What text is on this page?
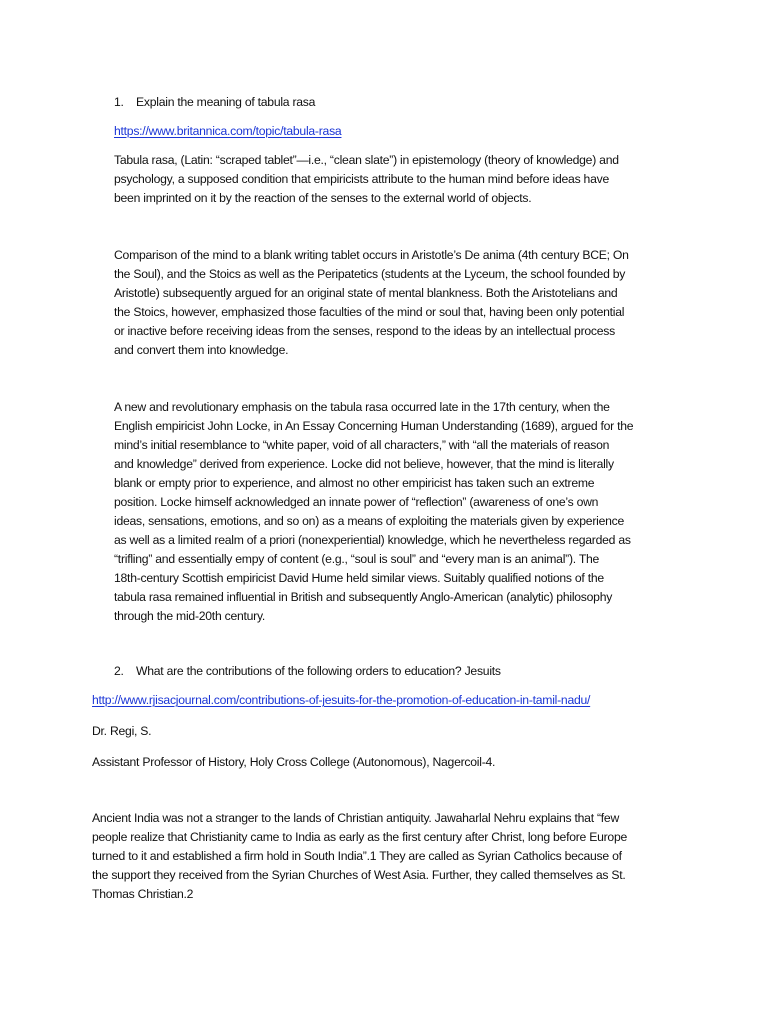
1. Explain the meaning of tabula rasa
https://www.britannica.com/topic/tabula-rasa
Tabula rasa, (Latin: “scraped tablet”—i.e., “clean slate”) in epistemology (theory of knowledge) and
psychology, a supposed condition that empiricists attribute to the human mind before ideas have
been imprinted on it by the reaction of the senses to the external world of objects.
Comparison of the mind to a blank writing tablet occurs in Aristotle’s De anima (4th century BCE; On
the Soul), and the Stoics as well as the Peripatetics (students at the Lyceum, the school founded by
Aristotle) subsequently argued for an original state of mental blankness. Both the Aristotelians and
the Stoics, however, emphasized those faculties of the mind or soul that, having been only potential
or inactive before receiving ideas from the senses, respond to the ideas by an intellectual process
and convert them into knowledge.
A new and revolutionary emphasis on the tabula rasa occurred late in the 17th century, when the
English empiricist John Locke, in An Essay Concerning Human Understanding (1689), argued for the
mind’s initial resemblance to “white paper, void of all characters,” with “all the materials of reason
and knowledge” derived from experience. Locke did not believe, however, that the mind is literally
blank or empty prior to experience, and almost no other empiricist has taken such an extreme
position. Locke himself acknowledged an innate power of “reflection” (awareness of one’s own
ideas, sensations, emotions, and so on) as a means of exploiting the materials given by experience
as well as a limited realm of a priori (nonexperiential) knowledge, which he nevertheless regarded as
“trifling” and essentially empy of content (e.g., “soul is soul” and “every man is an animal”). The
18th-century Scottish empiricist David Hume held similar views. Suitably qualified notions of the
tabula rasa remained influential in British and subsequently Anglo-American (analytic) philosophy
through the mid-20th century.
2. What are the contributions of the following orders to education? Jesuits
http://www.rjisacjournal.com/contributions-of-jesuits-for-the-promotion-of-education-in-tamil-nadu/
Dr. Regi, S.
Assistant Professor of History, Holy Cross College (Autonomous), Nagercoil-4.
Ancient India was not a stranger to the lands of Christian antiquity. Jawaharlal Nehru explains that “few
people realize that Christianity came to India as early as the first century after Christ, long before Europe
turned to it and established a firm hold in South India”.1 They are called as Syrian Catholics because of
the support they received from the Syrian Churches of West Asia. Further, they called themselves as St.
Thomas Christian.2
